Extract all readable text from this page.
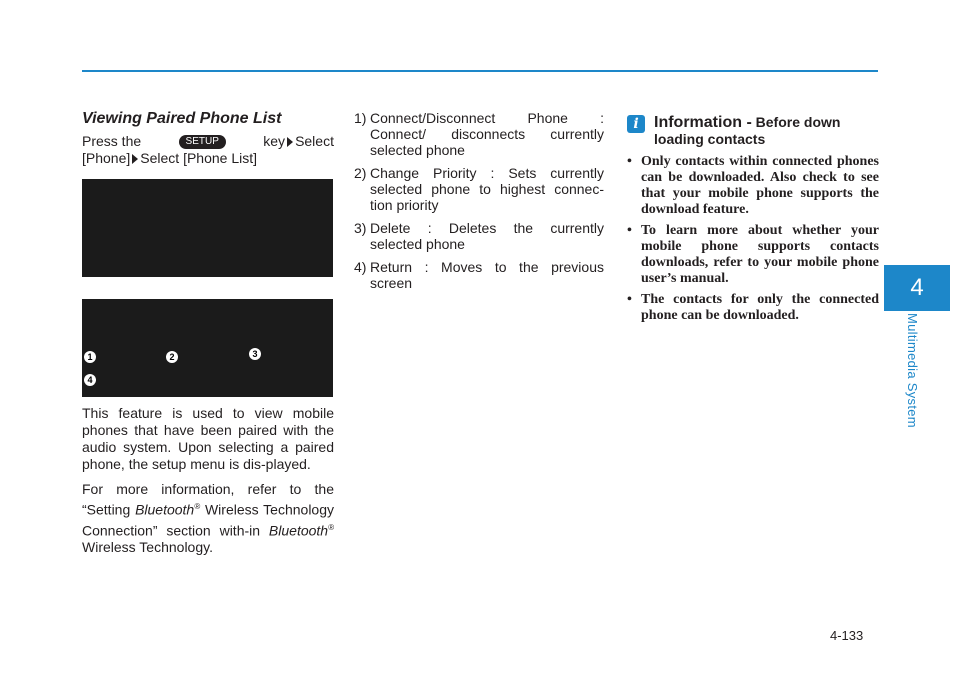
4
Multimedia System
Viewing Paired Phone List
Press the	SETUP	key Select
[Phone] Select [Phone List]
1	2	3
4

This feature is used to view mobile phones that have been paired with the audio system. Upon selecting a paired phone, the setup menu is dis-played.

For more information, refer to the “Setting Bluetooth® Wireless Technology Connection” section with-in Bluetooth® Wireless Technology.

1) Connect/Disconnect Phone : Connect/ disconnects currently selected phone
2) Change Priority : Sets currently selected phone to highest connec-tion priority
3) Delete : Deletes the currently selected phone
4) Return : Moves to the previous screen
i Information - Before down loading contacts
• Only contacts within connected phones can be downloaded. Also check to see that your mobile phone supports the download feature.
• To learn more about whether your mobile phone supports contacts downloads, refer to your mobile phone user’s manual.
• The contacts for only the connected phone can be downloaded.
4-133
